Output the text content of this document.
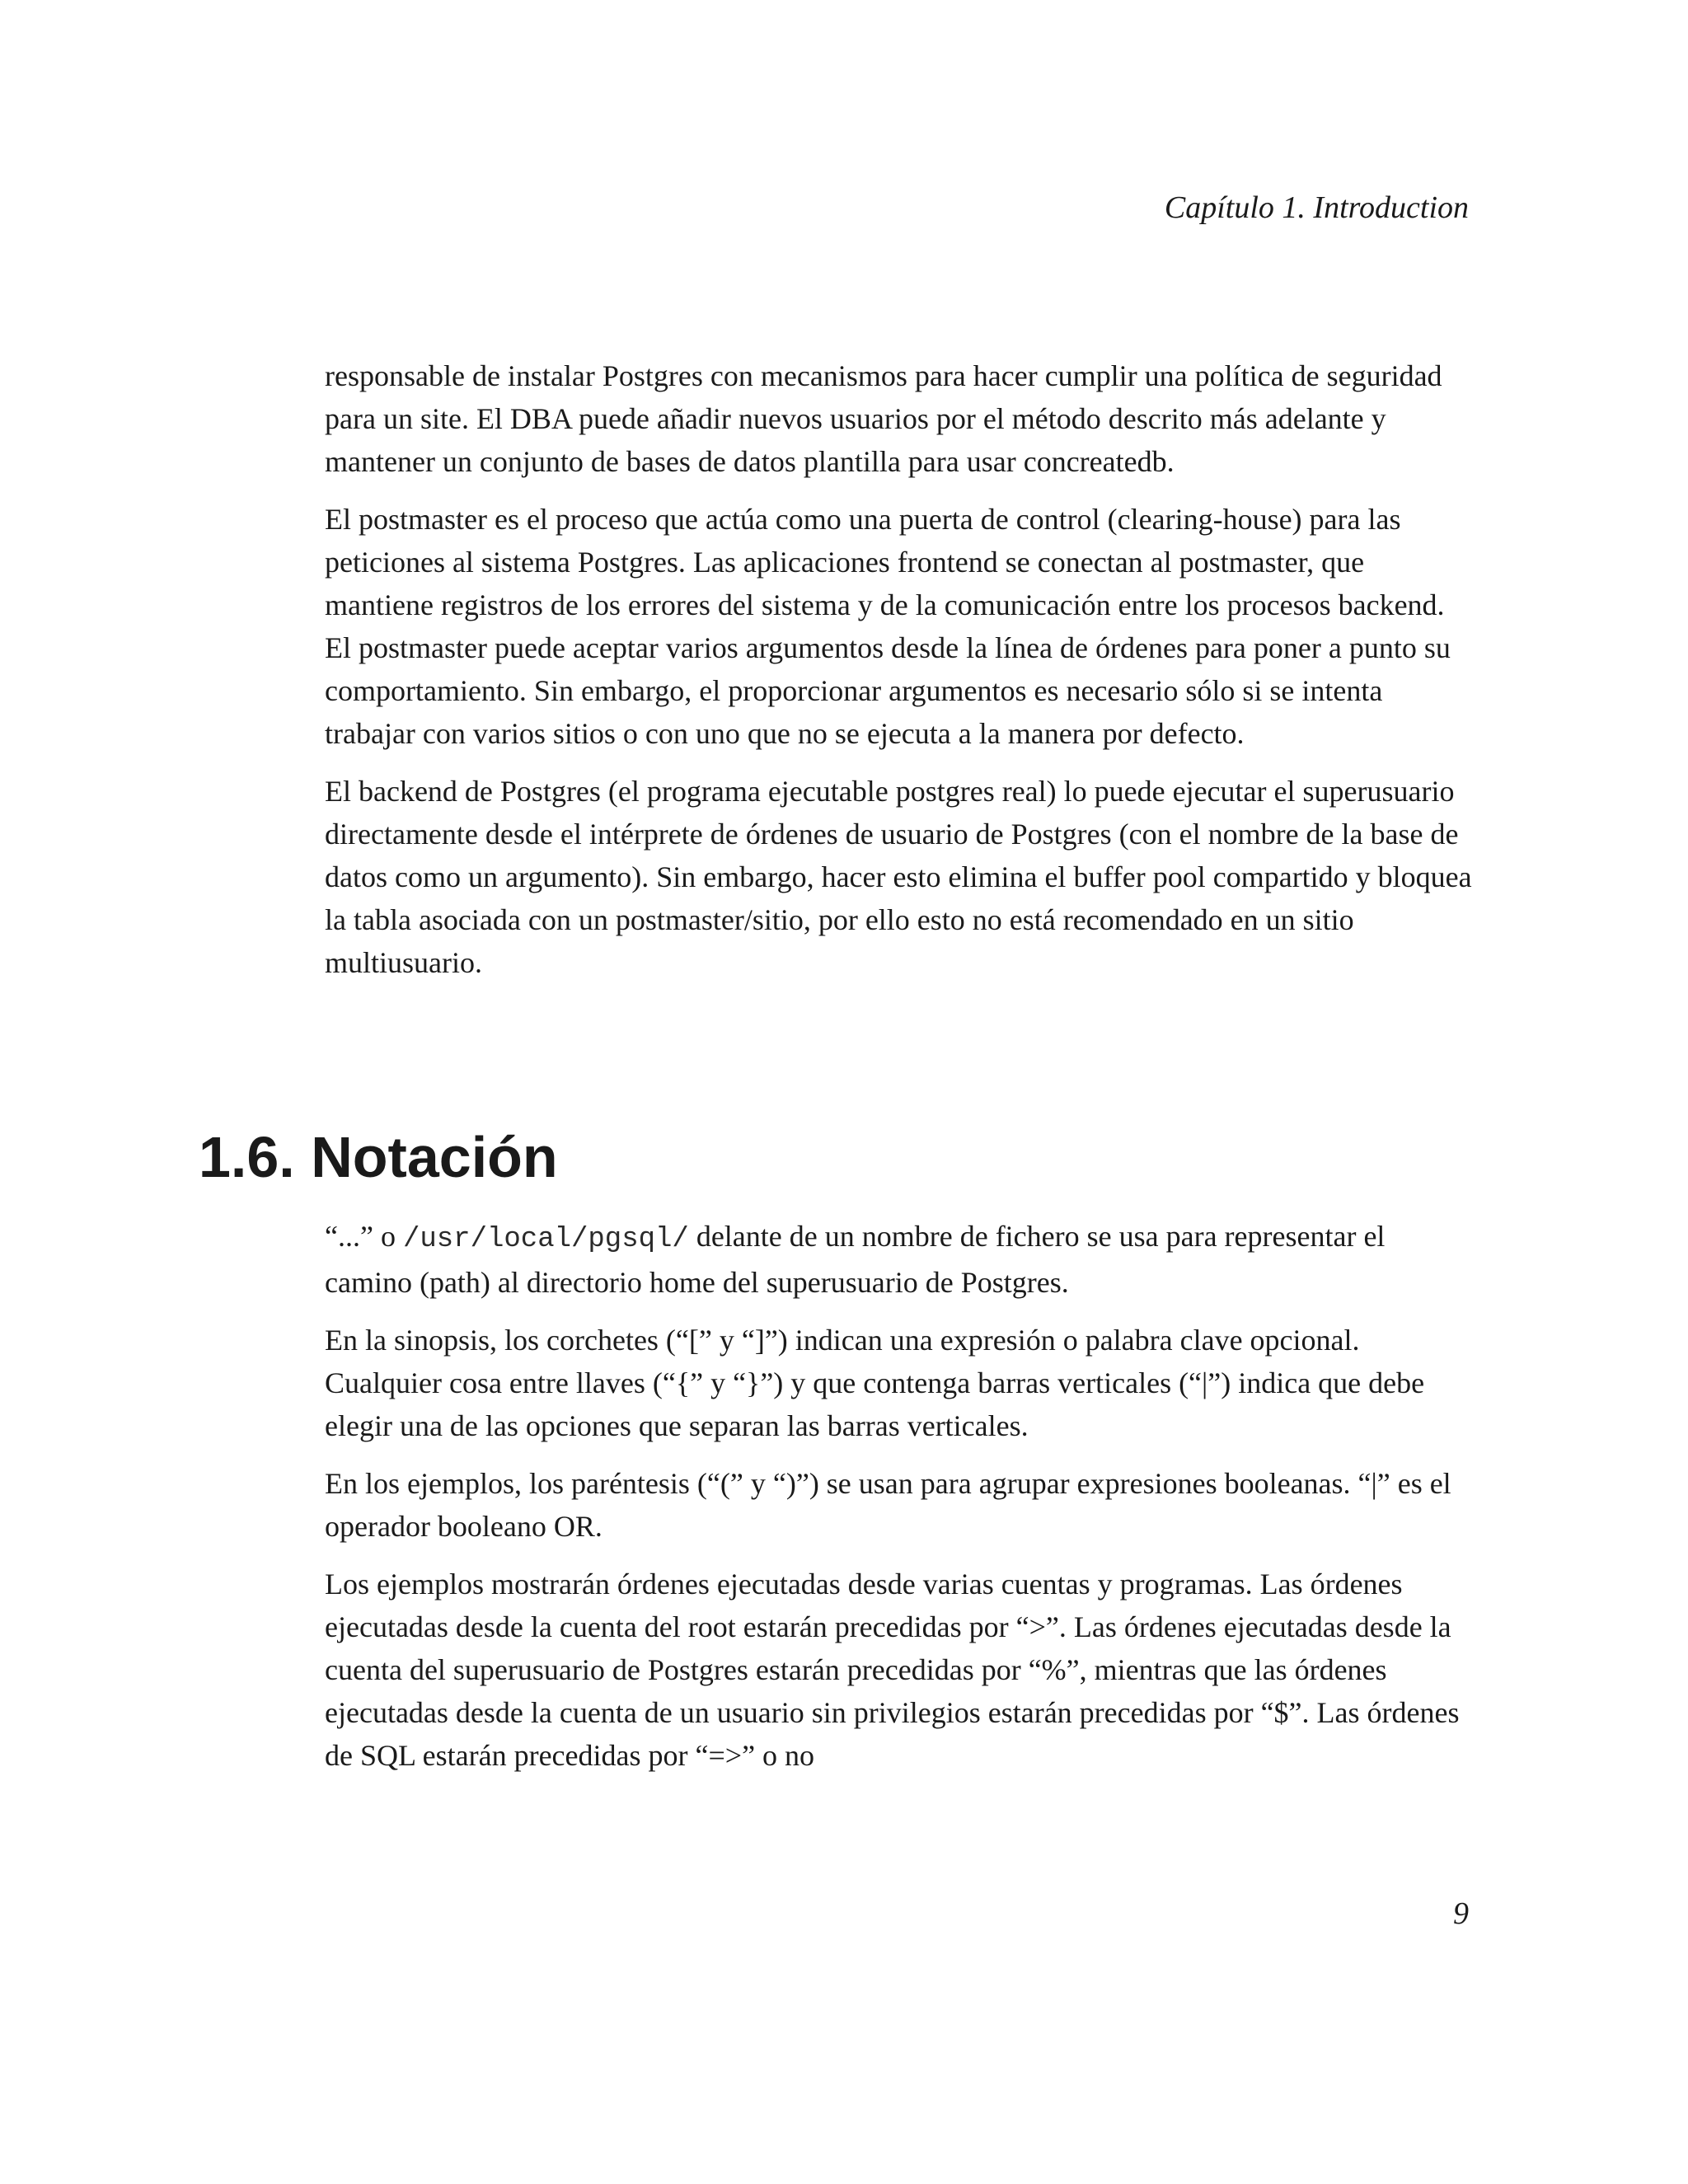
Capítulo 1. Introduction

responsable de instalar Postgres con mecanismos para hacer cumplir una política de seguridad para un site. El DBA puede añadir nuevos usuarios por el método descrito más adelante y mantener un conjunto de bases de datos plantilla para usar concreatedb.

El postmaster es el proceso que actúa como una puerta de control (clearing-house) para las peticiones al sistema Postgres. Las aplicaciones frontend se conectan al postmaster, que mantiene registros de los errores del sistema y de la comunicación entre los procesos backend. El postmaster puede aceptar varios argumentos desde la línea de órdenes para poner a punto su comportamiento. Sin embargo, el proporcionar argumentos es necesario sólo si se intenta trabajar con varios sitios o con uno que no se ejecuta a la manera por defecto.

El backend de Postgres (el programa ejecutable postgres real) lo puede ejecutar el superusuario directamente desde el intérprete de órdenes de usuario de Postgres (con el nombre de la base de datos como un argumento). Sin embargo, hacer esto elimina el buffer pool compartido y bloquea la tabla asociada con un postmaster/sitio, por ello esto no está recomendado en un sitio multiusuario.

1.6. Notación

“...” o /usr/local/pgsql/ delante de un nombre de fichero se usa para representar el camino (path) al directorio home del superusuario de Postgres.

En la sinopsis, los corchetes (“[” y “]”) indican una expresión o palabra clave opcional. Cualquier cosa entre llaves (“{” y “}”) y que contenga barras verticales (“|”) indica que debe elegir una de las opciones que separan las barras verticales.

En los ejemplos, los paréntesis (“(” y “)”) se usan para agrupar expresiones booleanas. “|” es el operador booleano OR.

Los ejemplos mostrarán órdenes ejecutadas desde varias cuentas y programas. Las órdenes ejecutadas desde la cuenta del root estarán precedidas por “>”. Las órdenes ejecutadas desde la cuenta del superusuario de Postgres estarán precedidas por “%”, mientras que las órdenes ejecutadas desde la cuenta de un usuario sin privilegios estarán precedidas por “$”. Las órdenes de SQL estarán precedidas por “=>” o no

9
